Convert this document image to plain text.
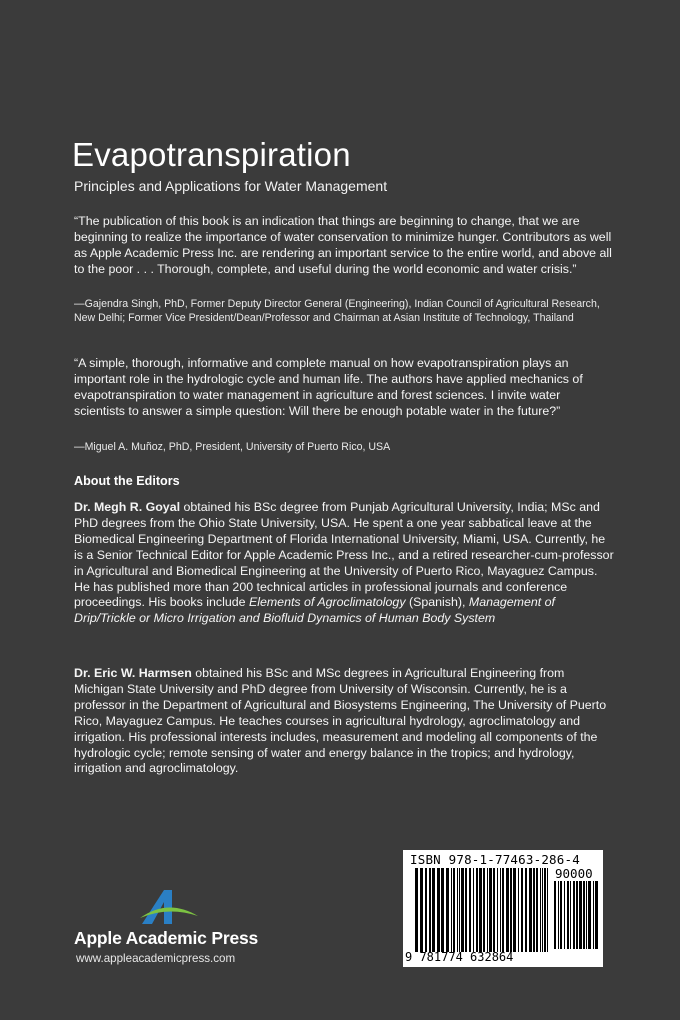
Evapotranspiration

Principles and Applications for Water Management

“The publication of this book is an indication that things are beginning to change, that we are beginning to realize the importance of water conservation to minimize hunger. Contributors as well as Apple Academic Press Inc. are rendering an important service to the entire world, and above all to the poor . . . Thorough, complete, and useful during the world economic and water crisis.”

—Gajendra Singh, PhD, Former Deputy Director General (Engineering), Indian Council of Agricultural Research, New Delhi; Former Vice President/Dean/Professor and Chairman at Asian Institute of Technology, Thailand

“A simple, thorough, informative and complete manual on how evapotranspiration plays an important role in the hydrologic cycle and human life. The authors have applied mechanics of evapotranspiration to water management in agriculture and forest sciences. I invite water scientists to answer a simple question: Will there be enough potable water in the future?”

—Miguel A. Muñoz, PhD, President, University of Puerto Rico, USA

About the Editors

Dr. Megh R. Goyal obtained his BSc degree from Punjab Agricultural University, India; MSc and PhD degrees from the Ohio State University, USA. He spent a one year sabbatical leave at the Biomedical Engineering Department of Florida International University, Miami, USA. Currently, he is a Senior Technical Editor for Apple Academic Press Inc., and a retired researcher-cum-professor in Agricultural and Biomedical Engineering at the University of Puerto Rico, Mayaguez Campus. He has published more than 200 technical articles in professional journals and conference proceedings. His books include Elements of Agroclimatology (Spanish), Management of Drip/Trickle or Micro Irrigation and Biofluid Dynamics of Human Body System

Dr. Eric W. Harmsen obtained his BSc and MSc degrees in Agricultural Engineering from Michigan State University and PhD degree from University of Wisconsin. Currently, he is a professor in the Department of Agricultural and Biosystems Engineering, The University of Puerto Rico, Mayaguez Campus. He teaches courses in agricultural hydrology, agroclimatology and irrigation. His professional interests includes, measurement and modeling all components of the hydrologic cycle; remote sensing of water and energy balance in the tropics; and hydrology, irrigation and agroclimatology.

ISBN 978-1-77463-286-4
90000
9 781774 632864

Apple Academic Press

www.appleacademicpress.com
